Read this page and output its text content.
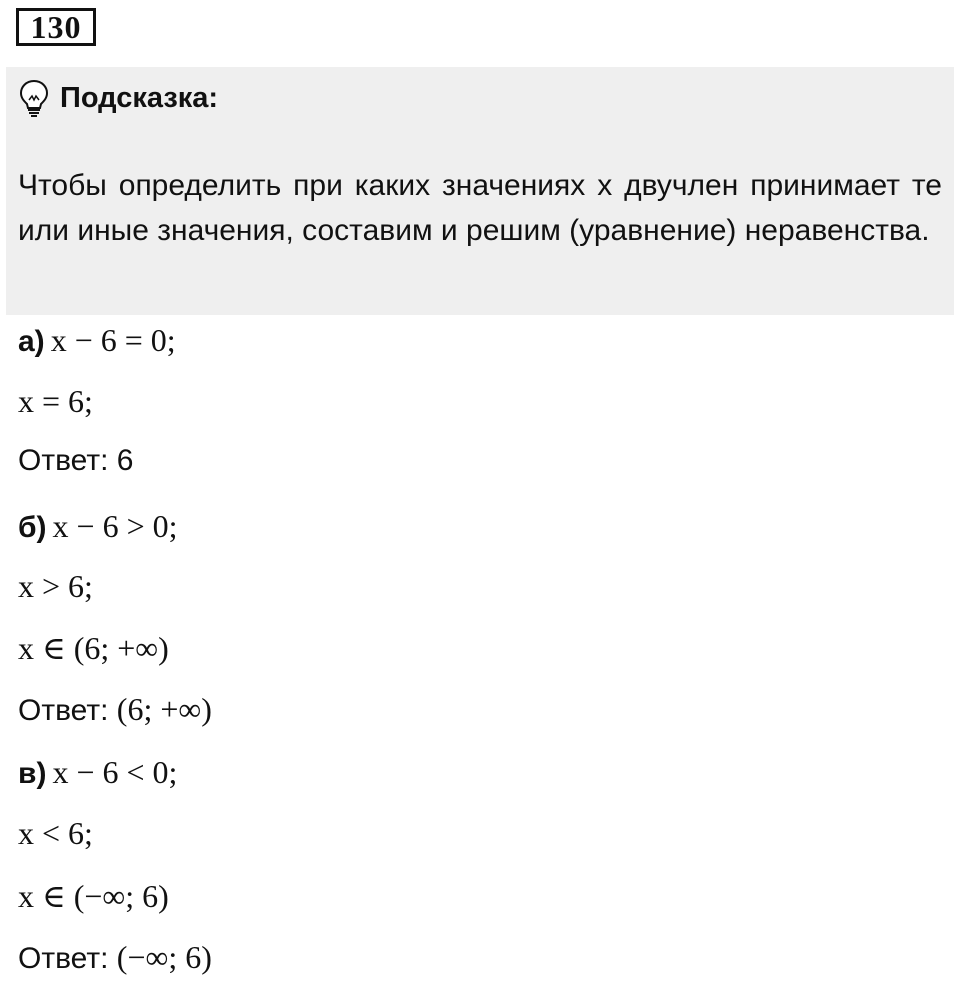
130
Подсказка:
Чтобы определить при каких значениях x двучлен принимает те или иные значения, составим и решим (уравнение) неравенства.
а) x − 6 = 0;
x = 6;
Ответ: 6
б) x − 6 > 0;
x > 6;
x ∈ (6; +∞)
Ответ: (6; +∞)
в) x − 6 < 0;
x < 6;
x ∈ (−∞; 6)
Ответ: (−∞; 6)
